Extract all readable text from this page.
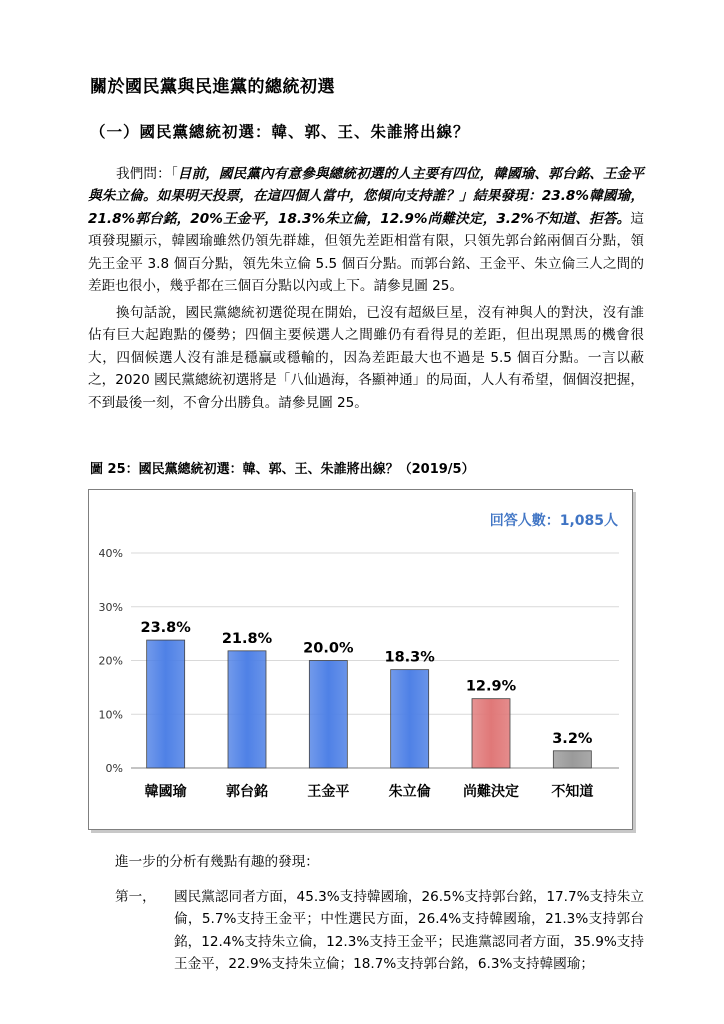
關於國民黨與民進黨的總統初選
（一）國民黨總統初選：韓、郭、王、朱誰將出線？

我們問：「目前，國民黨內有意參與總統初選的人主要有四位，韓國瑜、郭台銘、王金平與朱立倫。如果明天投票，在這四個人當中，您傾向支持誰？」結果發現：23.8%韓國瑜，21.8%郭台銘，20%王金平，18.3%朱立倫，12.9%尚難決定，3.2%不知道、拒答。這項發現顯示，韓國瑜雖然仍領先群雄，但領先差距相當有限，只領先郭台銘兩個百分點，領先王金平 3.8 個百分點，領先朱立倫 5.5 個百分點。而郭台銘、王金平、朱立倫三人之間的差距也很小，幾乎都在三個百分點以內或上下。請參見圖 25。

換句話說，國民黨總統初選從現在開始，已沒有超級巨星，沒有神與人的對決，沒有誰佔有巨大起跑點的優勢；四個主要候選人之間雖仍有看得見的差距，但出現黑馬的機會很大，四個候選人沒有誰是穩贏或穩輸的，因為差距最大也不過是 5.5 個百分點。一言以蔽之，2020 國民黨總統初選將是「八仙過海，各顯神通」的局面，人人有希望，個個沒把握，不到最後一刻，不會分出勝負。請參見圖 25。

圖 25：國民黨總統初選：韓、郭、王、朱誰將出線？（2019/5）
回答人數：1,085人
0%
10%
20%
30%
40%
23.8%
韓國瑜
21.8%
郭台銘
20.0%
王金平
18.3%
朱立倫
12.9%
尚難決定
3.2%
不知道
進一步的分析有幾點有趣的發現：
第一， 國民黨認同者方面，45.3%支持韓國瑜，26.5%支持郭台銘，17.7%支持朱立倫，5.7%支持王金平；中性選民方面，26.4%支持韓國瑜，21.3%支持郭台銘，12.4%支持朱立倫，12.3%支持王金平；民進黨認同者方面，35.9%支持王金平，22.9%支持朱立倫；18.7%支持郭台銘，6.3%支持韓國瑜；
